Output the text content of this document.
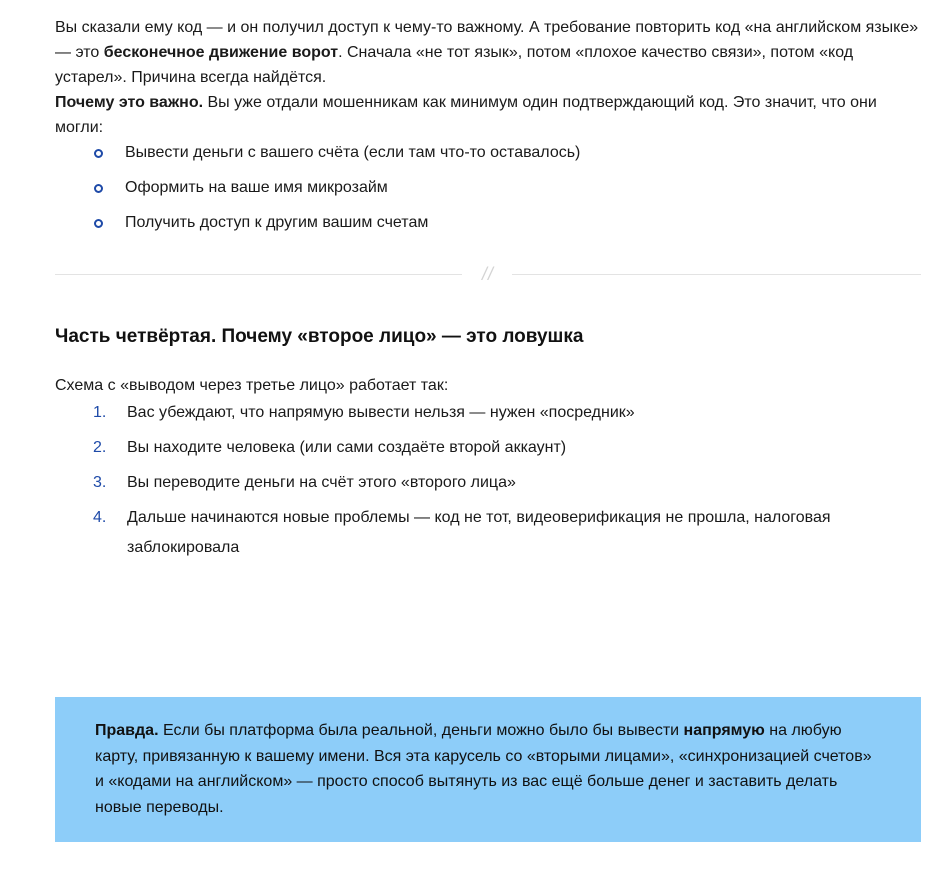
Вы сказали ему код — и он получил доступ к чему-то важному. А требование повторить код «на английском языке» — это бесконечное движение ворот. Сначала «не тот язык», потом «плохое качество связи», потом «код устарел». Причина всегда найдётся.

Почему это важно. Вы уже отдали мошенникам как минимум один подтверждающий код. Это значит, что они могли:

Вывести деньги с вашего счёта (если там что-то оставалось)
Оформить на ваше имя микрозайм
Получить доступ к другим вашим счетам
//
Часть четвёртая. Почему «второе лицо» — это ловушка

Схема с «выводом через третье лицо» работает так:

1. Вас убеждают, что напрямую вывести нельзя — нужен «посредник»
2. Вы находите человека (или сами создаёте второй аккаунт)
3. Вы переводите деньги на счёт этого «второго лица»
4. Дальше начинаются новые проблемы — код не тот, видеоверификация не прошла, налоговая заблокировала

Правда. Если бы платформа была реальной, деньги можно было бы вывести напрямую на любую карту, привязанную к вашему имени. Вся эта карусель со «вторыми лицами», «синхронизацией счетов» и «кодами на английском» — просто способ вытянуть из вас ещё больше денег и заставить делать новые переводы.
